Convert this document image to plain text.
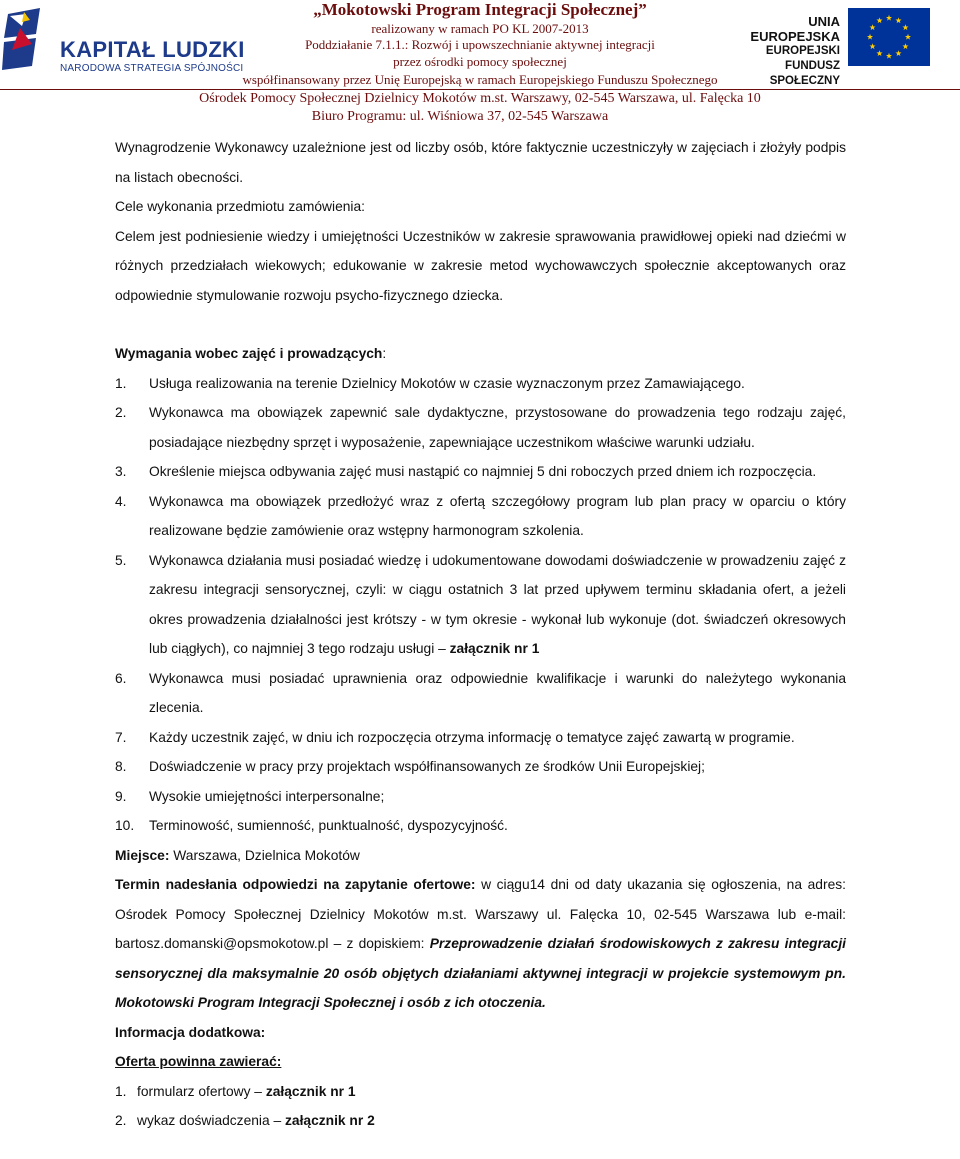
KAPITAŁ LUDZKI
NARODOWA STRATEGIA SPÓJNOŚCI
„Mokotowski Program Integracji Społecznej”
realizowany w ramach PO KL 2007-2013
Poddziałanie 7.1.1.: Rozwój i upowszechnianie aktywnej integracji
przez ośrodki pomocy społecznej
współfinansowany przez Unię Europejską w ramach Europejskiego Funduszu Społecznego
UNIA EUROPEJSKA
EUROPEJSKI
FUNDUSZ SPOŁECZNY
Ośrodek Pomocy Społecznej Dzielnicy Mokotów m.st. Warszawy, 02-545 Warszawa, ul. Falęcka 10
Biuro Programu: ul. Wiśniowa 37, 02-545 Warszawa

Wynagrodzenie Wykonawcy uzależnione jest od liczby osób, które faktycznie uczestniczyły w zajęciach i złożyły podpis na listach obecności.

Cele wykonania przedmiotu zamówienia:

Celem jest podniesienie wiedzy i umiejętności Uczestników w zakresie sprawowania prawidłowej opieki nad dziećmi w różnych przedziałach wiekowych; edukowanie w zakresie metod wychowawczych społecznie akceptowanych oraz odpowiednie stymulowanie rozwoju psycho-fizycznego dziecka.

Wymagania wobec zajęć i prowadzących:

1. Usługa realizowania na terenie Dzielnicy Mokotów w czasie wyznaczonym przez Zamawiającego.
2. Wykonawca ma obowiązek zapewnić sale dydaktyczne, przystosowane do prowadzenia tego rodzaju zajęć, posiadające niezbędny sprzęt i wyposażenie, zapewniające uczestnikom właściwe warunki udziału.
3. Określenie miejsca odbywania zajęć musi nastąpić co najmniej 5 dni roboczych przed dniem ich rozpoczęcia.
4. Wykonawca ma obowiązek przedłożyć wraz z ofertą szczegółowy program lub plan pracy w oparciu o który realizowane będzie zamówienie oraz wstępny harmonogram szkolenia.
5. Wykonawca działania musi posiadać wiedzę i udokumentowane dowodami doświadczenie w prowadzeniu zajęć z zakresu integracji sensorycznej, czyli: w ciągu ostatnich 3 lat przed upływem terminu składania ofert, a jeżeli okres prowadzenia działalności jest krótszy - w tym okresie - wykonał lub wykonuje (dot. świadczeń okresowych lub ciągłych), co najmniej 3 tego rodzaju usługi – załącznik nr 1
6. Wykonawca musi posiadać uprawnienia oraz odpowiednie kwalifikacje i warunki do należytego wykonania zlecenia.
7. Każdy uczestnik zajęć, w dniu ich rozpoczęcia otrzyma informację o tematyce zajęć zawartą w programie.
8. Doświadczenie w pracy przy projektach współfinansowanych ze środków Unii Europejskiej;
9. Wysokie umiejętności interpersonalne;
10. Terminowość, sumienność, punktualność, dyspozycyjność.

Miejsce: Warszawa, Dzielnica Mokotów

Termin nadesłania odpowiedzi na zapytanie ofertowe: w ciągu14 dni od daty ukazania się ogłoszenia, na adres: Ośrodek Pomocy Społecznej Dzielnicy Mokotów m.st. Warszawy ul. Falęcka 10, 02-545 Warszawa lub e-mail: bartosz.domanski@opsmokotow.pl – z dopiskiem: Przeprowadzenie działań środowiskowych z zakresu integracji sensorycznej dla maksymalnie 20 osób objętych działaniami aktywnej integracji w projekcie systemowym pn. Mokotowski Program Integracji Społecznej i osób z ich otoczenia.

Informacja dodatkowa:

Oferta powinna zawierać:

1. formularz ofertowy – załącznik nr 1
2. wykaz doświadczenia – załącznik nr 2
